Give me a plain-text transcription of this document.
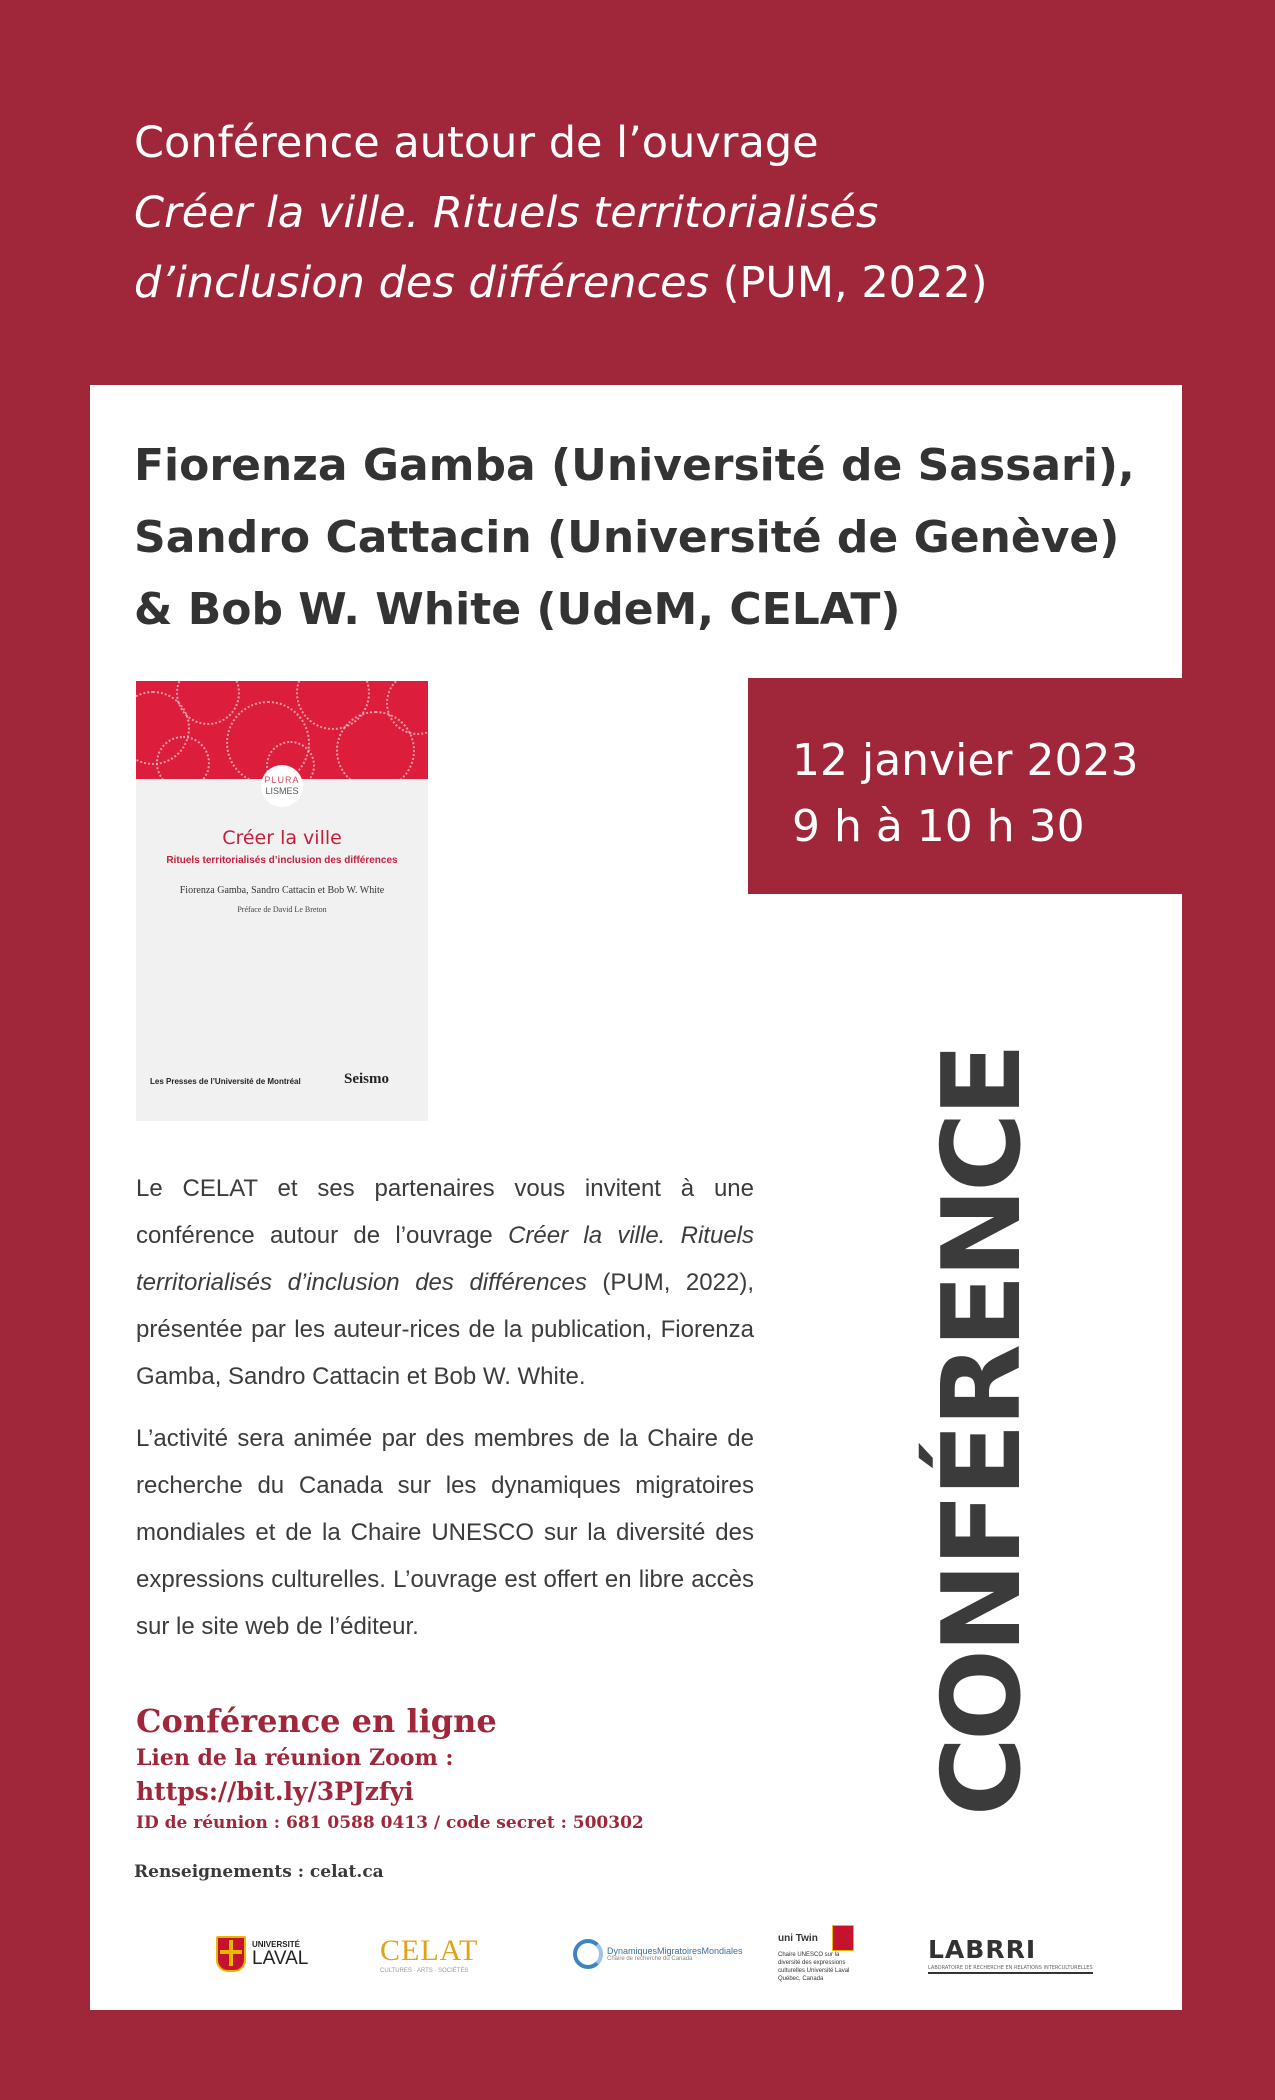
Conférence autour de l’ouvrage
Créer la ville. Rituels territorialisés
d’inclusion des différences (PUM, 2022)
Fiorenza Gamba (Université de Sassari),
Sandro Cattacin (Université de Genève)
& Bob W. White (UdeM, CELAT)
12 janvier 2023
9 h à 10 h 30
PLURA
LISMES
Créer la ville
Rituels territorialisés d’inclusion des différences
Fiorenza Gamba, Sandro Cattacin et Bob W. White
Préface de David Le Breton
Les Presses de l’Université de Montréal	Seismo

Le CELAT et ses partenaires vous invitent à une conférence autour de l’ouvrage Créer la ville. Rituels territorialisés d’inclusion des différences (PUM, 2022), présentée par les auteur-rices de la publication, Fiorenza Gamba, Sandro Cattacin et Bob W. White.

L’activité sera animée par des membres de la Chaire de recherche du Canada sur les dynamiques migratoires mondiales et de la Chaire UNESCO sur la diversité des expressions culturelles. L’ouvrage est offert en libre accès sur le site web de l’éditeur.	CONFÉRENCE
Conférence en ligne
Lien de la réunion Zoom :
https://bit.ly/3PJzfyi
ID de réunion : 681 0588 0413 / code secret : 500302
Renseignements : celat.ca
UNIVERSITÉ
LAVAL CELAT
CULTURES · ARTS · SOCIÉTÉS
DynamiquesMigratoiresMondiales
Chaire de recherche du Canada
uni Twin
Chaire UNESCO sur la diversité des expressions culturelles Université Laval Québec, Canada
LABRRI
LABORATOIRE DE RECHERCHE EN RELATIONS INTERCULTURELLES
